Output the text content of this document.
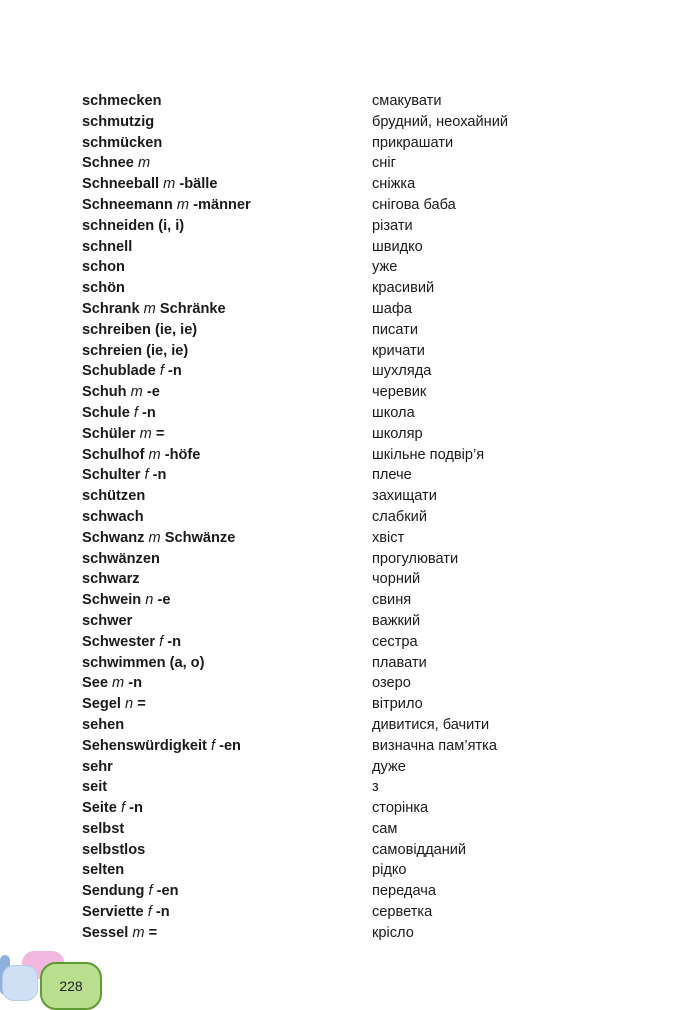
schmecken	смакувати
schmutzig	брудний, неохайний
schmücken	прикрашати
Schnee m	сніг
Schneeball m -bälle	сніжка
Schneemann m -männer	снігова баба
schneiden (i, i)	різати
schnell	швидко
schon	уже
schön	красивий
Schrank m Schränke	шафа
schreiben (ie, ie)	писати
schreien (ie, ie)	кричати
Schublade f -n	шухляда
Schuh m -e	черевик
Schule f -n	школа
Schüler m =	школяр
Schulhof m -höfe	шкільне подвір’я
Schulter f -n	плече
schützen	захищати
schwach	слабкий
Schwanz m Schwänze	хвіст
schwänzen	прогулювати
schwarz	чорний
Schwein n -e	свиня
schwer	важкий
Schwester f -n	сестра
schwimmen (a, o)	плавати
See m -n	озеро
Segel n =	вітрило
sehen	дивитися, бачити
Sehenswürdigkeit f -en	визначна пам’ятка
sehr	дуже
seit	з
Seite f -n	сторінка
selbst	сам
selbstlos	самовідданий
selten	рідко
Sendung f -en	передача
Serviette f -n	серветка
Sessel m =	крісло
228
